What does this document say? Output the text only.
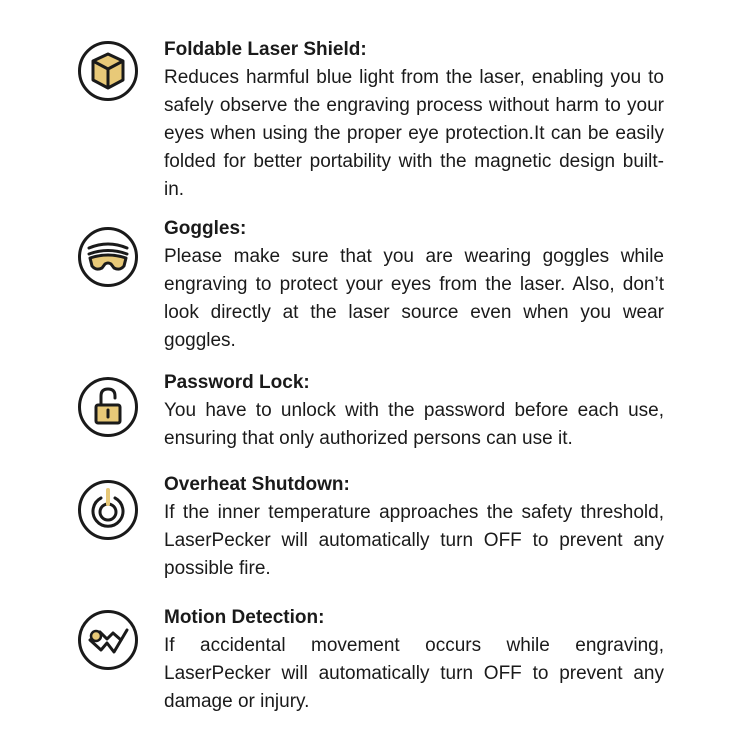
Foldable Laser Shield:

Reduces harmful blue light from the laser, enabling you to safely observe the engraving process without harm to your eyes when using the proper eye protection.It can be easily folded for better portability with the magnetic design built-in.

Goggles:

Please make sure that you are wearing goggles while engraving to protect your eyes from the laser. Also, don’t look directly at the laser source even when you wear goggles.

Password Lock:

You have to unlock with the password before each use, ensuring that only authorized persons can use it.

Overheat Shutdown:

If the inner temperature approaches the safety threshold, LaserPecker will automatically turn OFF to prevent any possible fire.

Motion Detection:

If accidental movement occurs while engraving, LaserPecker will automatically turn OFF to prevent any damage or injury.
